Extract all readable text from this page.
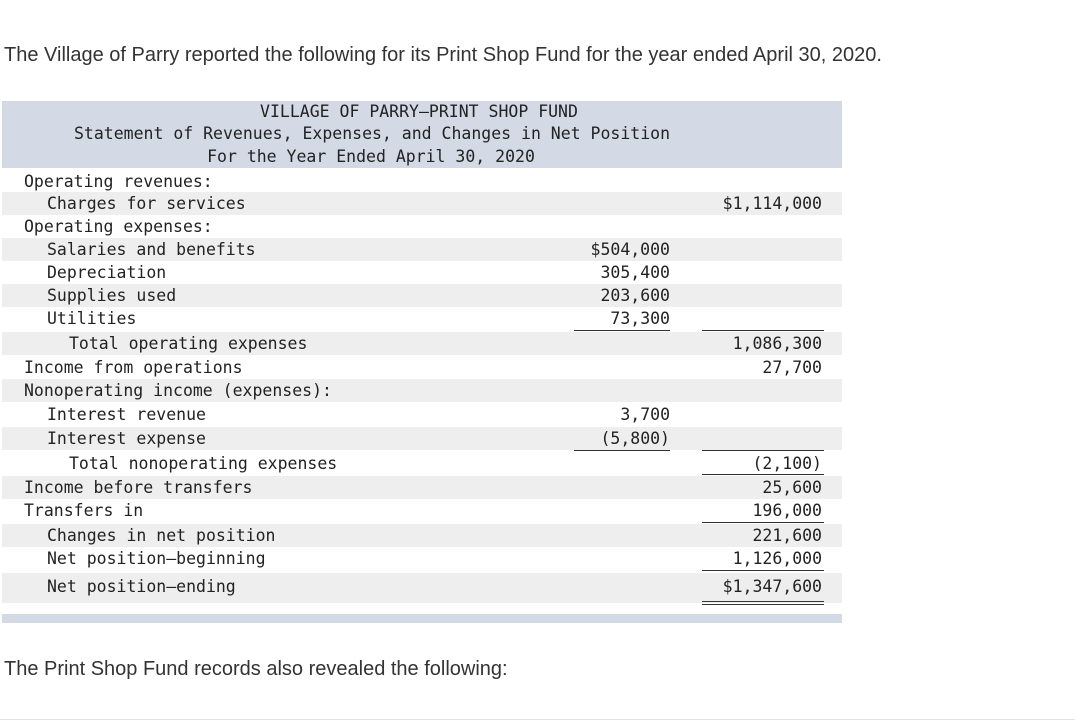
The Village of Parry reported the following for its Print Shop Fund for the year ended April 30, 2020.

VILLAGE OF PARRY—PRINT SHOP FUND
Statement of Revenues, Expenses, and Changes in Net Position
For the Year Ended April 30, 2020
Operating revenues:
Charges for services	$1,114,000
Operating expenses:
Salaries and benefits	$504,000
Depreciation	305,400
Supplies used	203,600
Utilities	73,300
Total operating expenses	1,086,300
Income from operations	27,700
Nonoperating income (expenses):
Interest revenue	3,700
Interest expense	(5,800)
Total nonoperating expenses	(2,100)
Income before transfers	25,600
Transfers in	196,000
Changes in net position	221,600
Net position—beginning	1,126,000
Net position—ending	$1,347,600

The Print Shop Fund records also revealed the following:
